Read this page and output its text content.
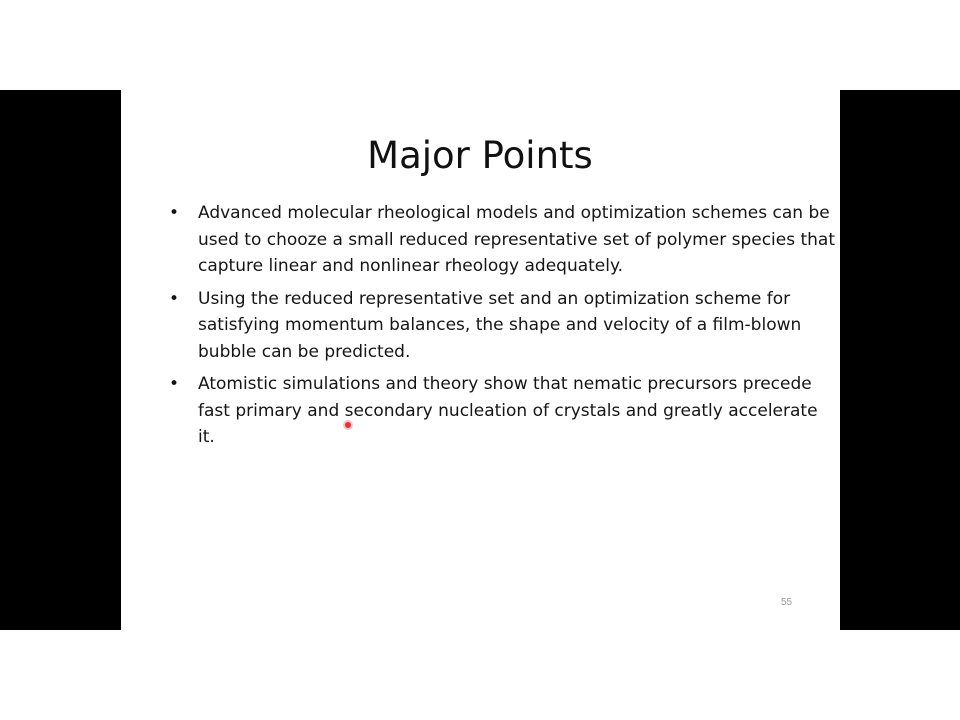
Major Points
• Advanced molecular rheological models and optimization schemes can be used to chooze a small reduced representative set of polymer species that capture linear and nonlinear rheology adequately.
• Using the reduced representative set and an optimization scheme for satisfying momentum balances, the shape and velocity of a film-blown bubble can be predicted.
• Atomistic simulations and theory show that nematic precursors precede fast primary and secondary nucleation of crystals and greatly accelerate it.
55
